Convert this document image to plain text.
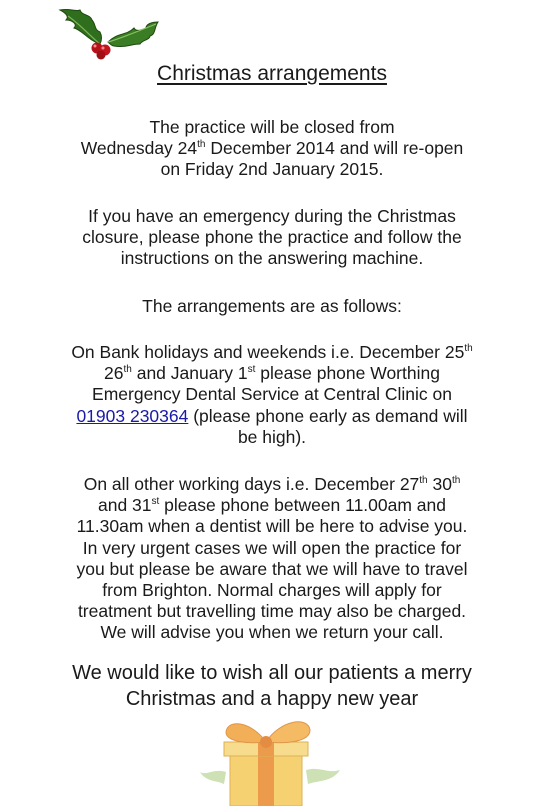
Christmas arrangements
The practice will be closed from
Wednesday 24th December 2014 and will re-open
on Friday 2nd January 2015.
If you have an emergency during the Christmas
closure, please phone the practice and follow the
instructions on the answering machine.
The arrangements are as follows:
On Bank holidays and weekends i.e. December 25th
26th and January 1st please phone Worthing
Emergency Dental Service at Central Clinic on
01903 230364 (please phone early as demand will
be high).
On all other working days i.e. December 27th 30th
and 31st please phone between 11.00am and
11.30am when a dentist will be here to advise you.
In very urgent cases we will open the practice for
you but please be aware that we will have to travel
from Brighton. Normal charges will apply for
treatment but travelling time may also be charged.
We will advise you when we return your call.
We would like to wish all our patients a merry
Christmas and a happy new year
